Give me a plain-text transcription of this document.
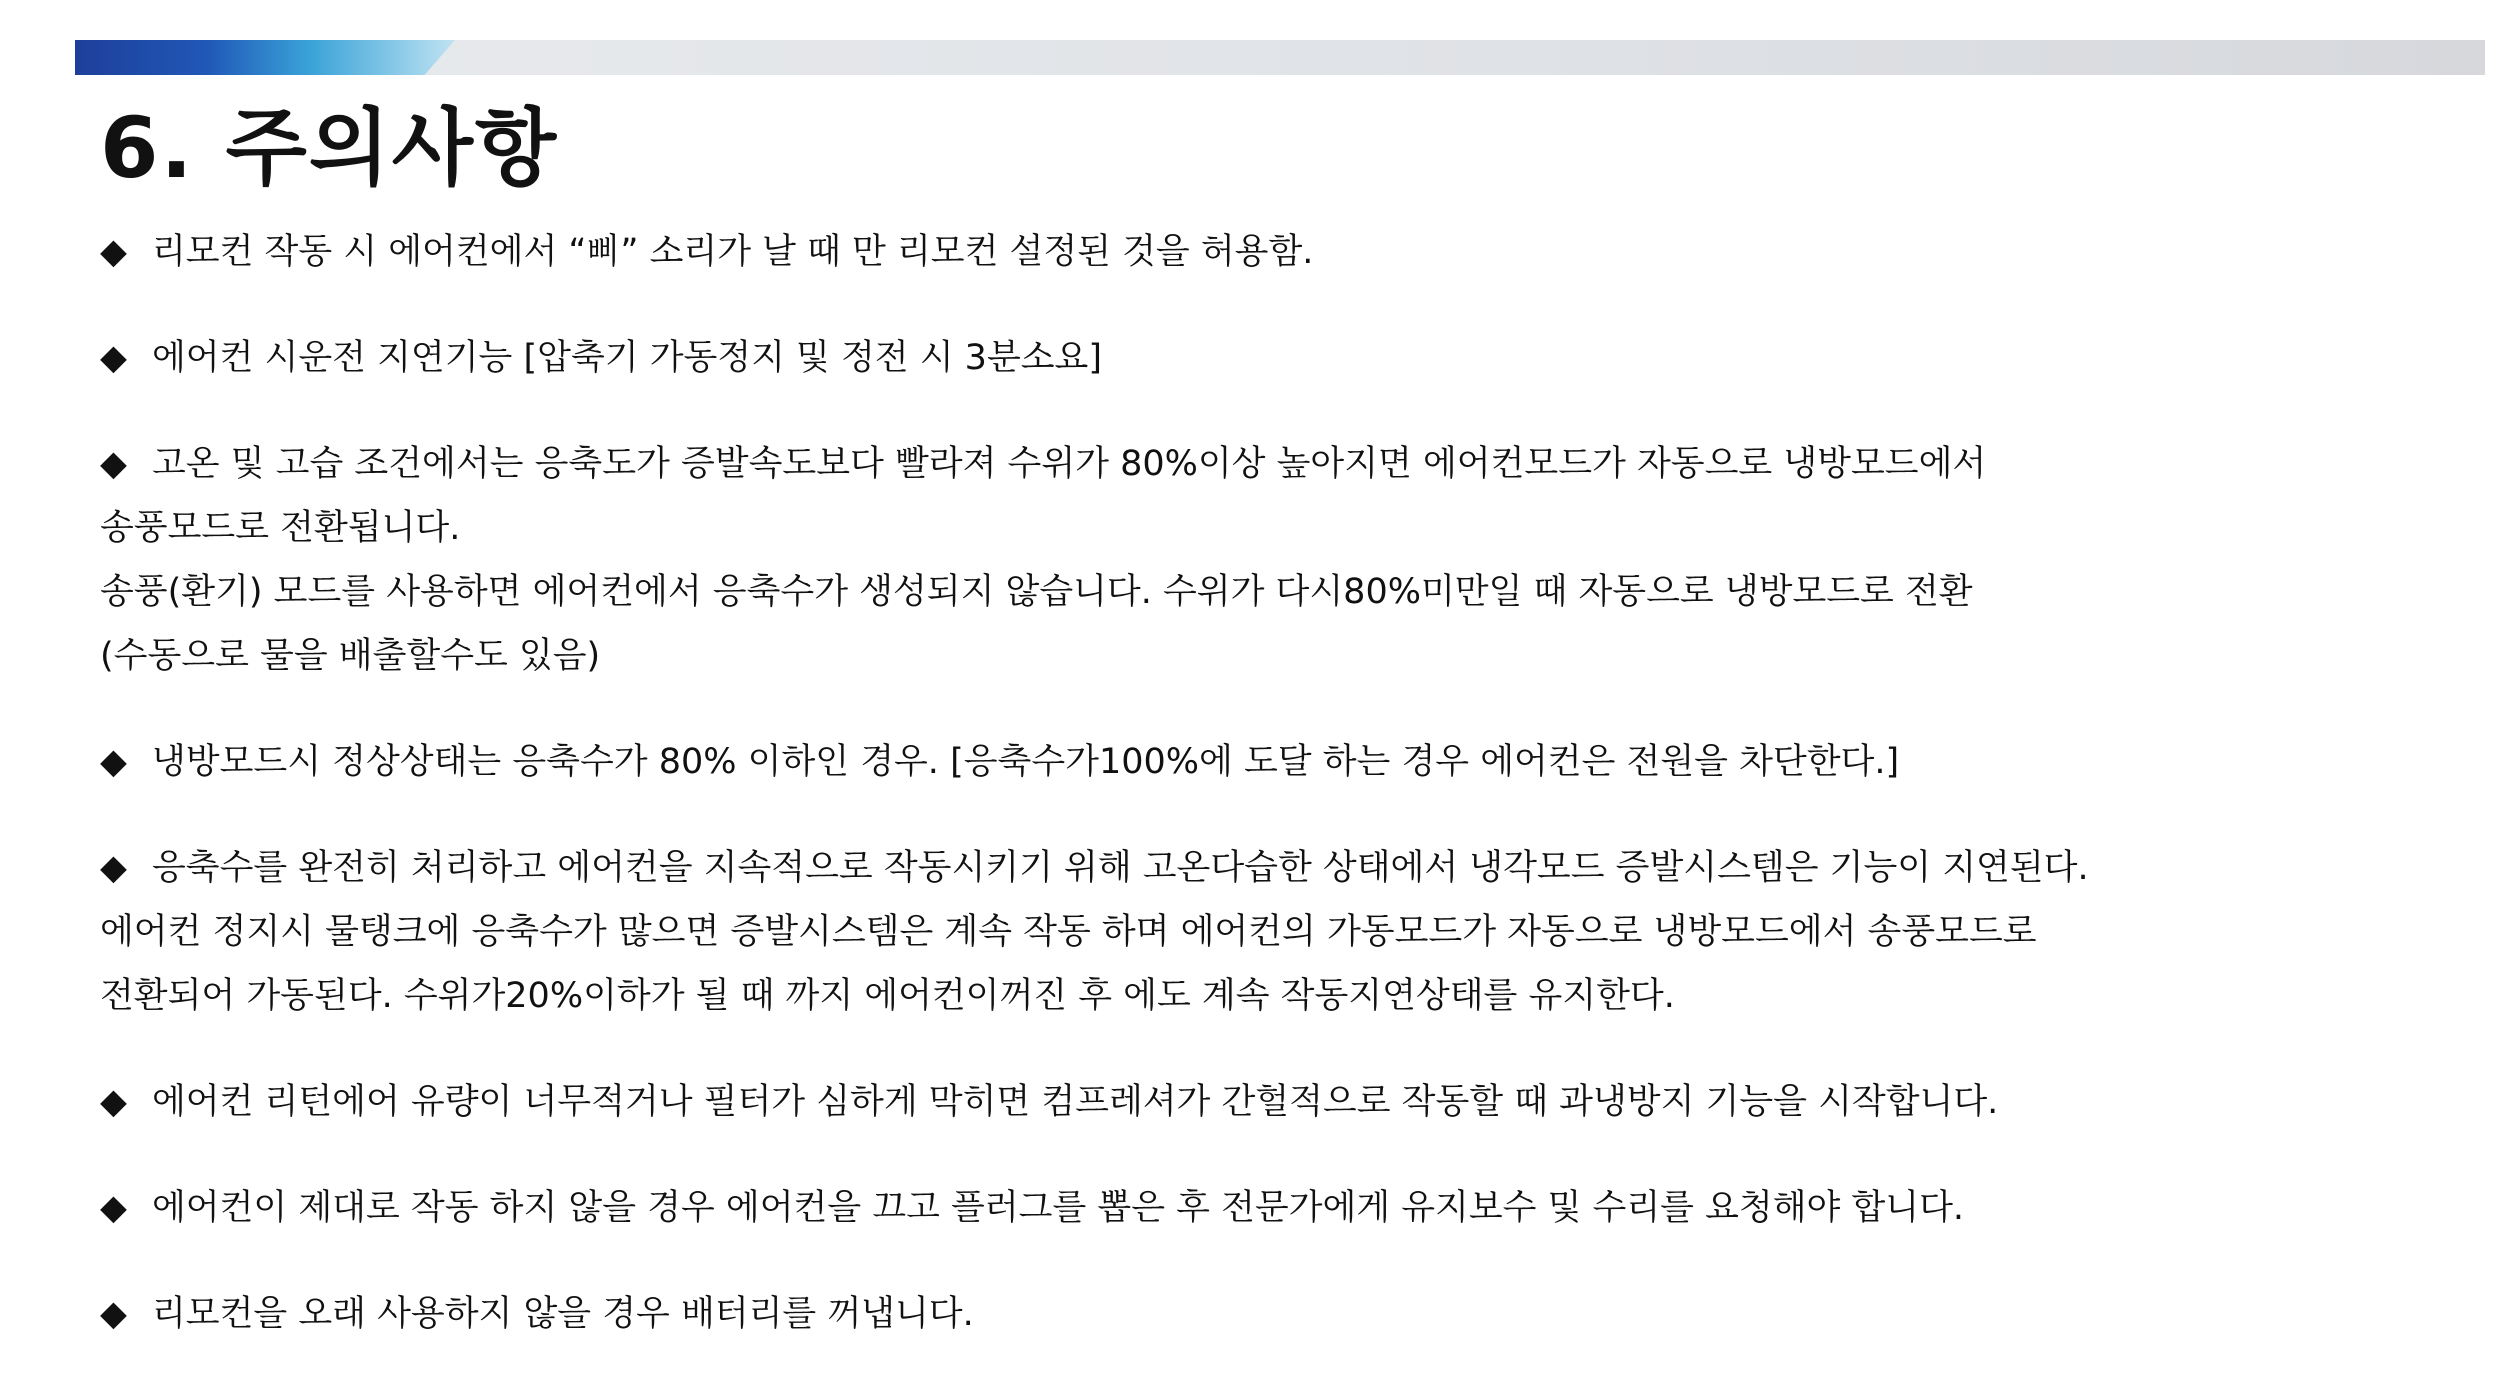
6. 주의사항

◆ 리모컨 작동 시 에어컨에서 “삐” 소리가 날 때 만 리모컨 설정된 것을 허용함.

◆ 에어컨 시운전 지연기능 [압축기 가동정지 및 정전 시 3분소요]

◆ 고온 및 고습 조건에서는 응축도가 증발속도보다 빨라져 수위가 80%이상 높아지면 에어컨모드가 자동으로 냉방모드에서
송풍모드로 전환됩니다.
송풍(환기) 모드를 사용하면 에어컨에서 응축수가 생성되지 않습니다. 수위가 다시80%미만일 때 자동으로 냉방모드로 전환
(수동으로 물을 배출할수도 있음)

◆ 냉방모드시 정상상태는 응축수가 80% 이하인 경우. [응축수가100%에 도달 하는 경우 에어컨은 전원을 차단한다.]

◆ 응축수를 완전히 처리하고 에어컨을 지속적으로 작동시키기 위해 고온다습한 상태에서 냉각모드 증발시스템은 기능이 지연된다.
에어컨 정지시 물탱크에 응축수가 많으면 증발시스템은 계속 작동 하며 에어컨의 가동모드가 자동으로 냉방모드에서 송풍모드로
전환되어 가동된다. 수위가20%이하가 될 때 까지 에어컨이꺼진 후 에도 계속 작동지연상태를 유지한다.

◆ 에어컨 리턴에어 유량이 너무적거나 필터가 심하게 막히면 컴프레셔가 간헐적으로 작동할 때 과냉방지 기능을 시작합니다.

◆ 에어컨이 제대로 작동 하지 않을 경우 에어컨을 끄고 플러그를 뽑은 후 전문가에게 유지보수 및 수리를 요청해야 합니다.

◆ 리모컨을 오래 사용하지 않을 경우 배터리를 꺼냅니다.
